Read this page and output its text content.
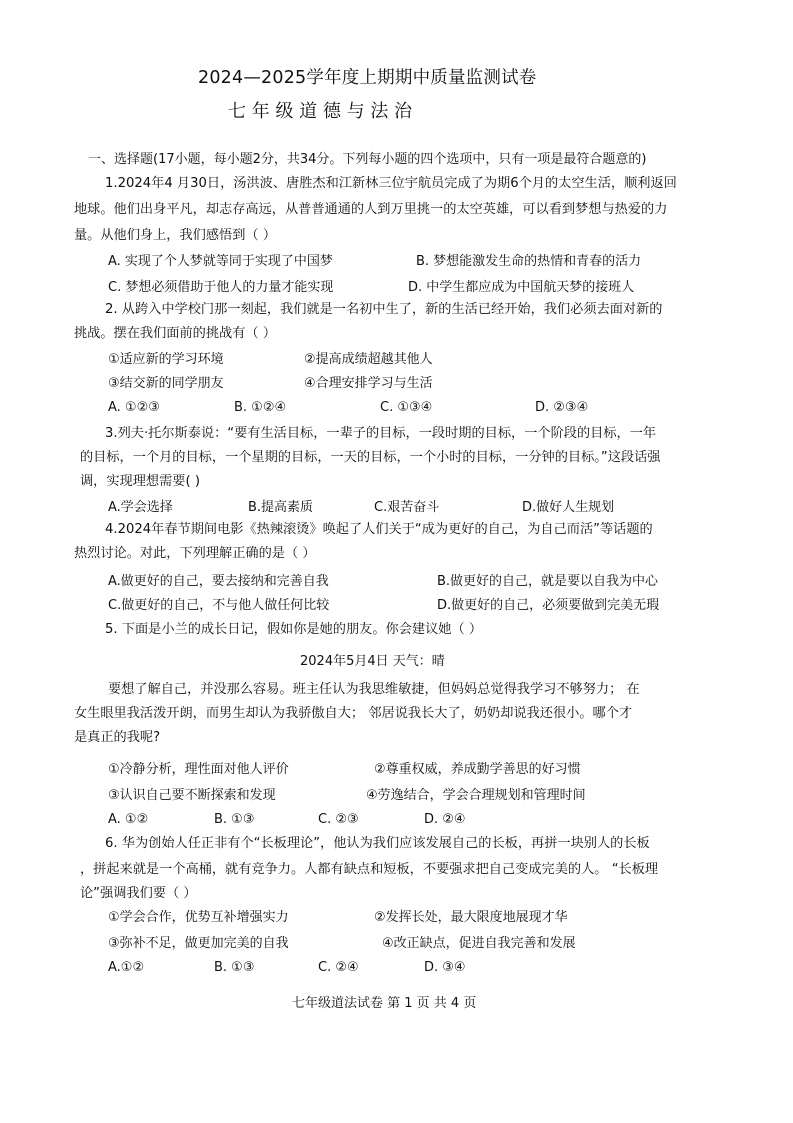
2024—2025学年度上期期中质量监测试卷
七 年 级 道 德 与 法 治
一、选择题(17小题，每小题2分，共34分。下列每小题的四个选项中，只有一项是最符合题意的)
1.2024年4 月30日，汤洪波、唐胜杰和江新林三位宇航员完成了为期6个月的太空生活，顺利返回
地球。他们出身平凡，却志存高远，从普普通通的人到万里挑一的太空英雄，可以看到梦想与热爱的力
量。从他们身上，我们感悟到（ ）
A. 实现了个人梦就等同于实现了中国梦	B. 梦想能激发生命的热情和青春的活力
C. 梦想必须借助于他人的力量才能实现	D. 中学生都应成为中国航天梦的接班人
2. 从跨入中学校门那一刻起，我们就是一名初中生了，新的生活已经开始，我们必须去面对新的
挑战。摆在我们面前的挑战有（ ）
①适应新的学习环境	②提高成绩超越其他人
③结交新的同学朋友	④合理安排学习与生活
A. ①②③	B. ①②④	C. ①③④	D. ②③④
3.列夫·托尔斯泰说：“要有生活目标，一辈子的目标，一段时期的目标，一个阶段的目标，一年
的目标，一个月的目标，一个星期的目标，一天的目标，一个小时的目标，一分钟的目标。”这段话强
调，实现理想需要( )
A.学会选择	B.提高素质	C.艰苦奋斗	D.做好人生规划
4.2024年春节期间电影《热辣滚烫》唤起了人们关于“成为更好的自己，为自己而活”等话题的
热烈讨论。对此，下列理解正确的是（ ）
A.做更好的自己，要去接纳和完善自我	B.做更好的自己，就是要以自我为中心
C.做更好的自己，不与他人做任何比较	D.做更好的自己，必须要做到完美无瑕
5. 下面是小兰的成长日记，假如你是她的朋友。你会建议她（ ）
2024年5月4日 天气：晴
要想了解自己，并没那么容易。班主任认为我思维敏捷，但妈妈总觉得我学习不够努力； 在
女生眼里我活泼开朗，而男生却认为我骄傲自大； 邻居说我长大了，奶奶却说我还很小。哪个才
是真正的我呢?
①冷静分析，理性面对他人评价	②尊重权威，养成勤学善思的好习惯
③认识自己要不断探索和发现	④劳逸结合，学会合理规划和管理时间
A. ①②	B. ①③	C. ②③	D. ②④
6. 华为创始人任正非有个“长板理论”，他认为我们应该发展自己的长板，再拼一块别人的长板
，拼起来就是一个高桶，就有竞争力。人都有缺点和短板，不要强求把自己变成完美的人。 “长板理
论”强调我们要（ ）
①学会合作，优势互补增强实力	②发挥长处，最大限度地展现才华
③弥补不足，做更加完美的自我	④改正缺点，促进自我完善和发展
A.①②	B. ①③	C. ②④	D. ③④
七年级道法试卷 第 1 页 共 4 页
